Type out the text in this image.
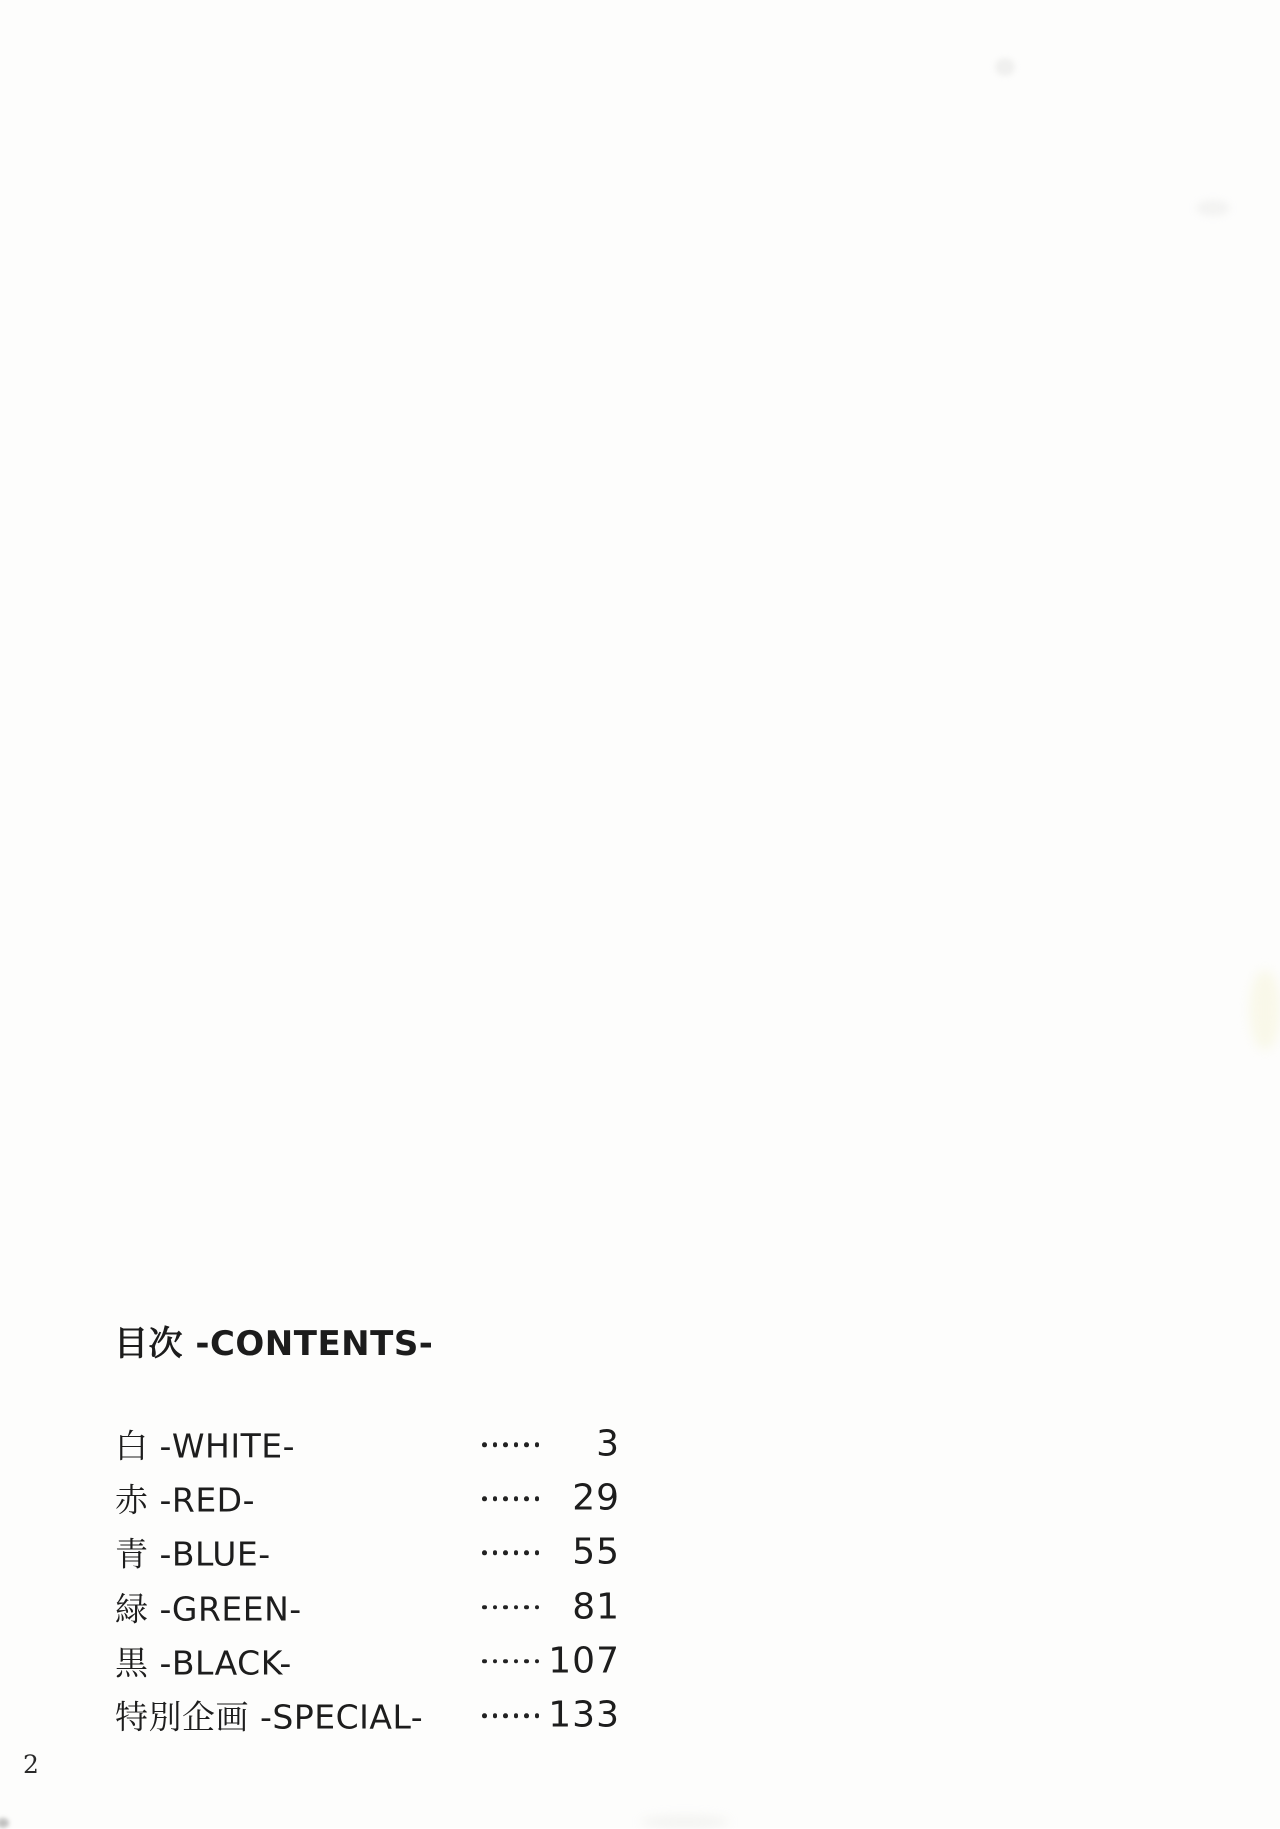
目次 -CONTENTS-
白 -WHITE-	3
赤 -RED-	29
青 -BLUE-	55
緑 -GREEN-	81
黒 -BLACK-	107
特別企画 -SPECIAL-	133
2
